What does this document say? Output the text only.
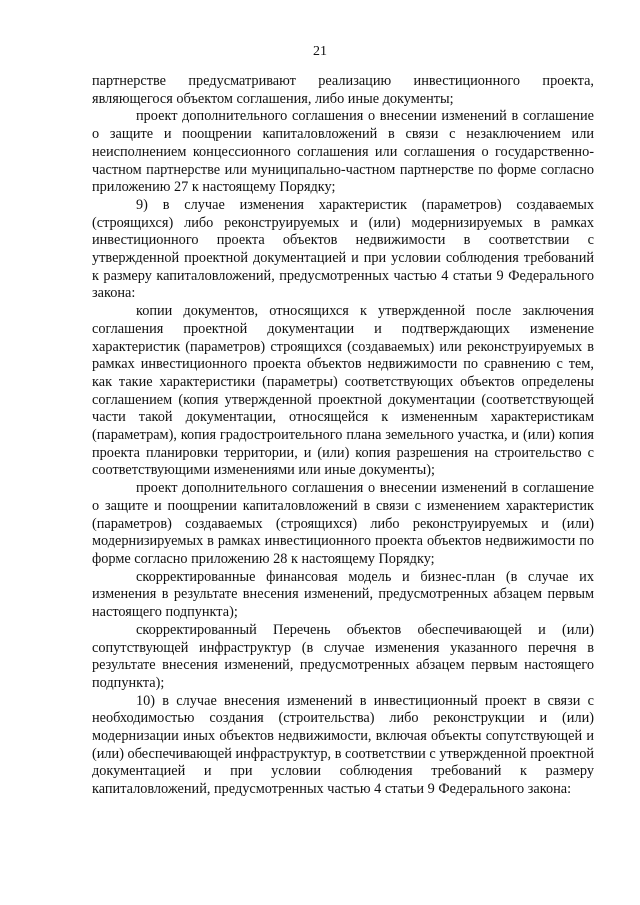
21

партнерстве предусматривают реализацию инвестиционного проекта, являющегося объектом соглашения, либо иные документы;

проект дополнительного соглашения о внесении изменений в соглашение о защите и поощрении капиталовложений в связи с незаключением или неисполнением концессионного соглашения или соглашения о государственно-частном партнерстве или муниципально-частном партнерстве по форме согласно приложению 27 к настоящему Порядку;

9) в случае изменения характеристик (параметров) создаваемых (строящихся) либо реконструируемых и (или) модернизируемых в рамках инвестиционного проекта объектов недвижимости в соответствии с утвержденной проектной документацией и при условии соблюдения требований к размеру капиталовложений, предусмотренных частью 4 статьи 9 Федерального закона:

копии документов, относящихся к утвержденной после заключения соглашения проектной документации и подтверждающих изменение характеристик (параметров) строящихся (создаваемых) или реконструируемых в рамках инвестиционного проекта объектов недвижимости по сравнению с тем, как такие характеристики (параметры) соответствующих объектов определены соглашением (копия утвержденной проектной документации (соответствующей части такой документации, относящейся к измененным характеристикам (параметрам), копия градостроительного плана земельного участка, и (или) копия проекта планировки территории, и (или) копия разрешения на строительство с соответствующими изменениями или иные документы);

проект дополнительного соглашения о внесении изменений в соглашение о защите и поощрении капиталовложений в связи с изменением характеристик (параметров) создаваемых (строящихся) либо реконструируемых и (или) модернизируемых в рамках инвестиционного проекта объектов недвижимости по форме согласно приложению 28 к настоящему Порядку;

скорректированные финансовая модель и бизнес-план (в случае их изменения в результате внесения изменений, предусмотренных абзацем первым настоящего подпункта);

скорректированный Перечень объектов обеспечивающей и (или) сопутствующей инфраструктур (в случае изменения указанного перечня в результате внесения изменений, предусмотренных абзацем первым настоящего подпункта);

10) в случае внесения изменений в инвестиционный проект в связи с необходимостью создания (строительства) либо реконструкции и (или) модернизации иных объектов недвижимости, включая объекты сопутствующей и (или) обеспечивающей инфраструктур, в соответствии с утвержденной проектной документацией и при условии соблюдения требований к размеру капиталовложений, предусмотренных частью 4 статьи 9 Федерального закона:
